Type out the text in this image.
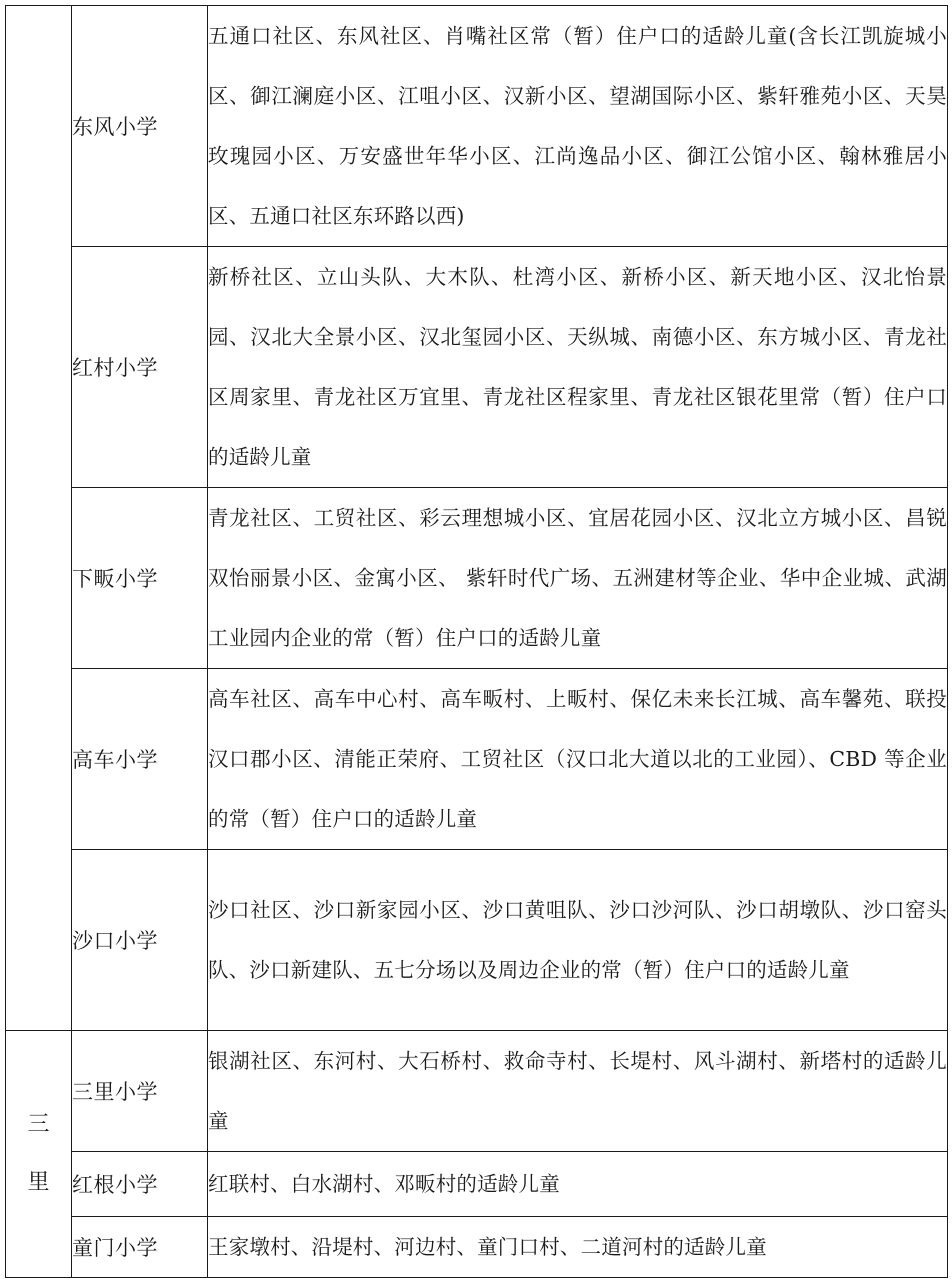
	东风小学	五通口社区、东风社区、肖嘴社区常（暂）住户口的适龄儿童(含长江凯旋城小区、御江澜庭小区、江咀小区、汉新小区、望湖国际小区、紫轩雅苑小区、天昊玫瑰园小区、万安盛世年华小区、江尚逸品小区、御江公馆小区、翰林雅居小区、五通口社区东环路以西)
	红村小学	新桥社区、立山头队、大木队、杜湾小区、新桥小区、新天地小区、汉北怡景园、汉北大全景小区、汉北玺园小区、天纵城、南德小区、东方城小区、青龙社区周家里、青龙社区万宜里、青龙社区程家里、青龙社区银花里常（暂）住户口的适龄儿童
	下畈小学	青龙社区、工贸社区、彩云理想城小区、宜居花园小区、汉北立方城小区、昌锐双怡丽景小区、金寓小区、 紫轩时代广场、五洲建材等企业、华中企业城、武湖工业园内企业的常（暂）住户口的适龄儿童
	高车小学	高车社区、高车中心村、高车畈村、上畈村、保亿未来长江城、高车馨苑、联投汉口郡小区、清能正荣府、工贸社区（汉口北大道以北的工业园）、CBD 等企业的常（暂）住户口的适龄儿童
	沙口小学	沙口社区、沙口新家园小区、沙口黄咀队、沙口沙河队、沙口胡墩队、沙口窑头队、沙口新建队、五七分场以及周边企业的常（暂）住户口的适龄儿童
三里	三里小学	银湖社区、东河村、大石桥村、救命寺村、长堤村、风斗湖村、新塔村的适龄儿童
	红根小学	红联村、白水湖村、邓畈村的适龄儿童
	童门小学	王家墩村、沿堤村、河边村、童门口村、二道河村的适龄儿童
